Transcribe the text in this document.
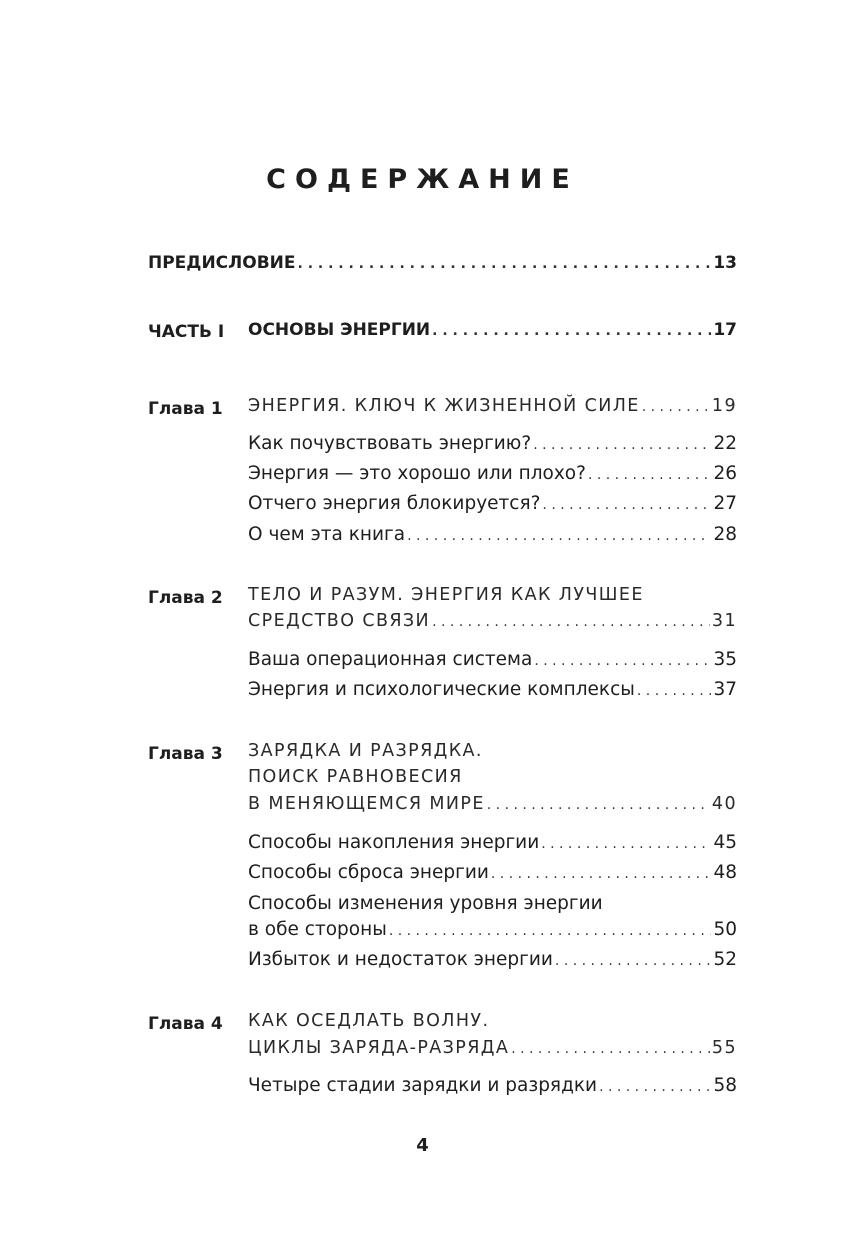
СОДЕРЖАНИЕ
ПРЕДИСЛОВИЕ . . .	13
ЧАСТЬ I ОСНОВЫ ЭНЕРГИИ . . .	17
Глава 1 ЭНЕРГИЯ. КЛЮЧ К ЖИЗНЕННОЙ СИЛЕ . . .	19
Как почувствовать энергию? . . .	22
Энергия — это хорошо или плохо? . . .	26
Отчего энергия блокируется? . . .	27
О чем эта книга . . .	28
Глава 2 ТЕЛО И РАЗУМ. ЭНЕРГИЯ КАК ЛУЧШЕЕ
СРЕДСТВО СВЯЗИ . . .	31
Ваша операционная система . . .	35
Энергия и психологические комплексы . . .	37
Глава 3 ЗАРЯДКА И РАЗРЯДКА.
ПОИСК РАВНОВЕСИЯ
В МЕНЯЮЩЕМСЯ МИРЕ . . .	40
Способы накопления энергии . . .	45
Способы сброса энергии . . .	48
Способы изменения уровня энергии
в обе стороны . . .	50
Избыток и недостаток энергии . . .	52
Глава 4 КАК ОСЕДЛАТЬ ВОЛНУ.
ЦИКЛЫ ЗАРЯДА-РАЗРЯДА . . .	55
Четыре стадии зарядки и разрядки . . .	58
4
